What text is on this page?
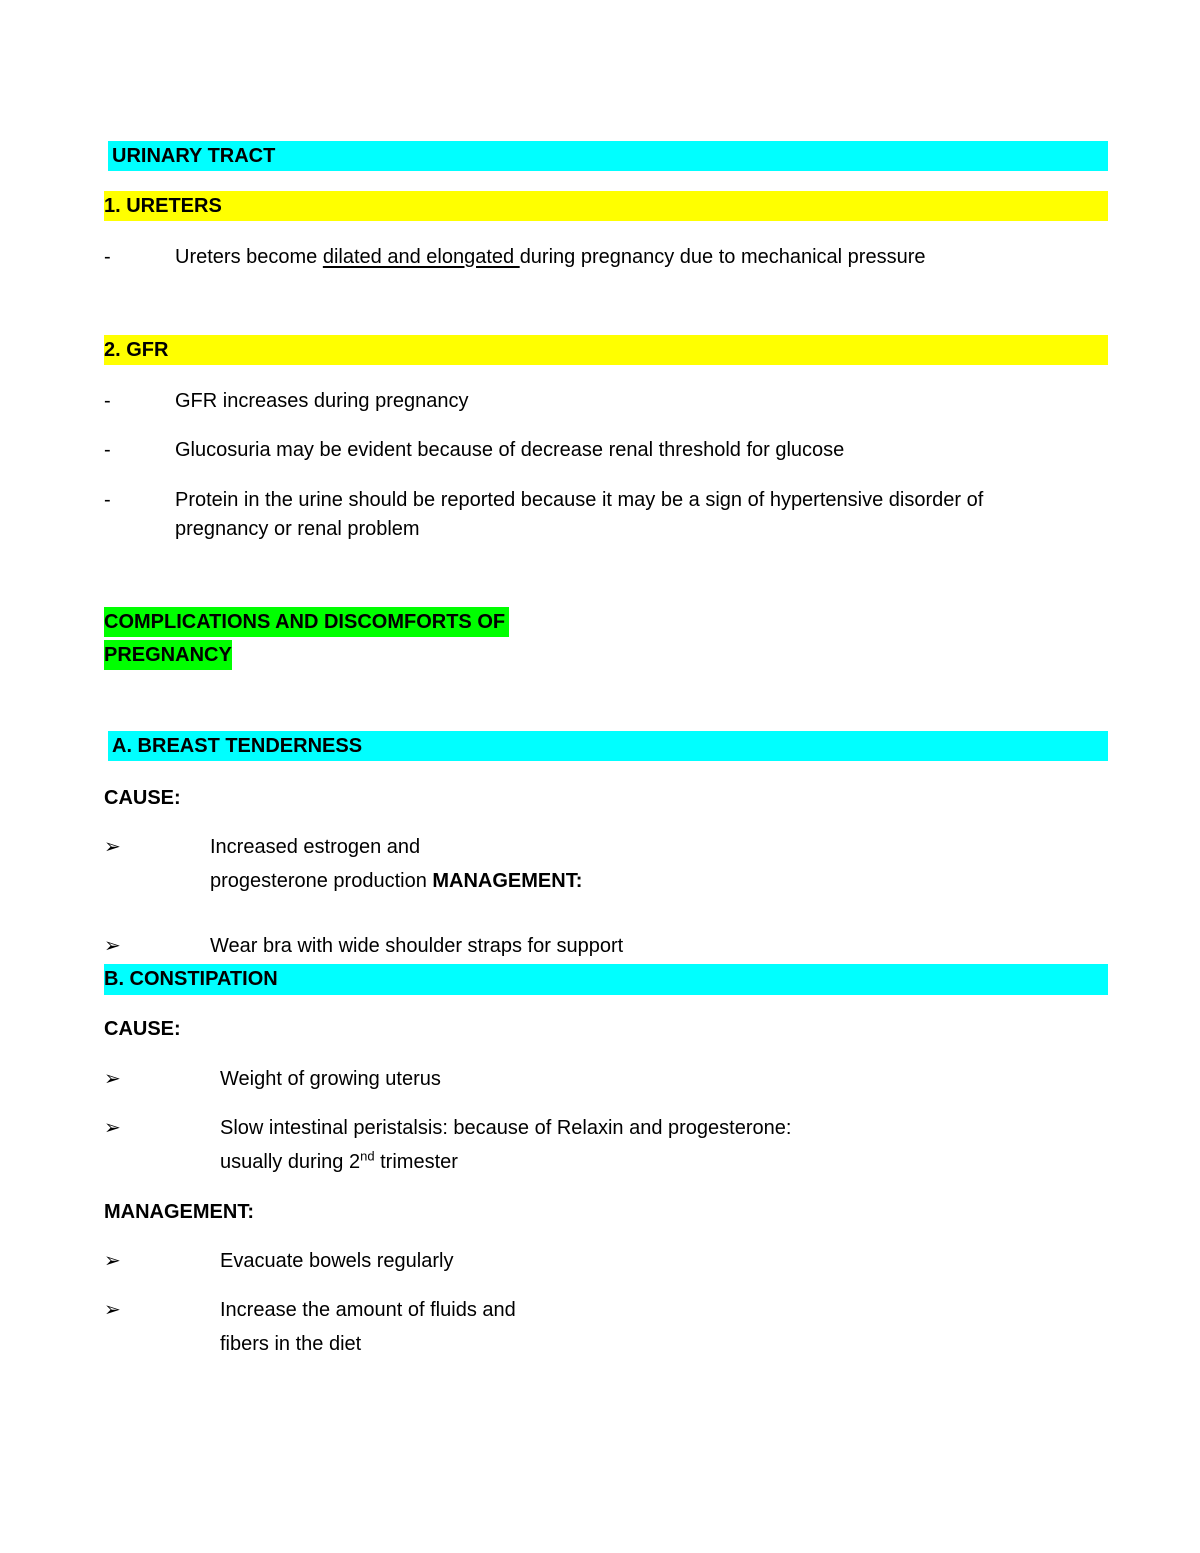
URINARY TRACT
1. URETERS
-	Ureters become dilated and elongated during pregnancy due to mechanical pressure
2. GFR
-	GFR increases during pregnancy
-	Glucosuria may be evident because of decrease renal threshold for glucose
-	Protein in the urine should be reported because it may be a sign of hypertensive disorder of
pregnancy or renal problem
COMPLICATIONS AND DISCOMFORTS OF
PREGNANCY
A. BREAST TENDERNESS
CAUSE:
➢	Increased estrogen and
progesterone production MANAGEMENT:
➢	Wear bra with wide shoulder straps for support
B. CONSTIPATION
CAUSE:
➢	Weight of growing uterus
➢	Slow intestinal peristalsis: because of Relaxin and progesterone:
usually during 2nd trimester
MANAGEMENT:
➢	Evacuate bowels regularly
➢	Increase the amount of fluids and
fibers in the diet
